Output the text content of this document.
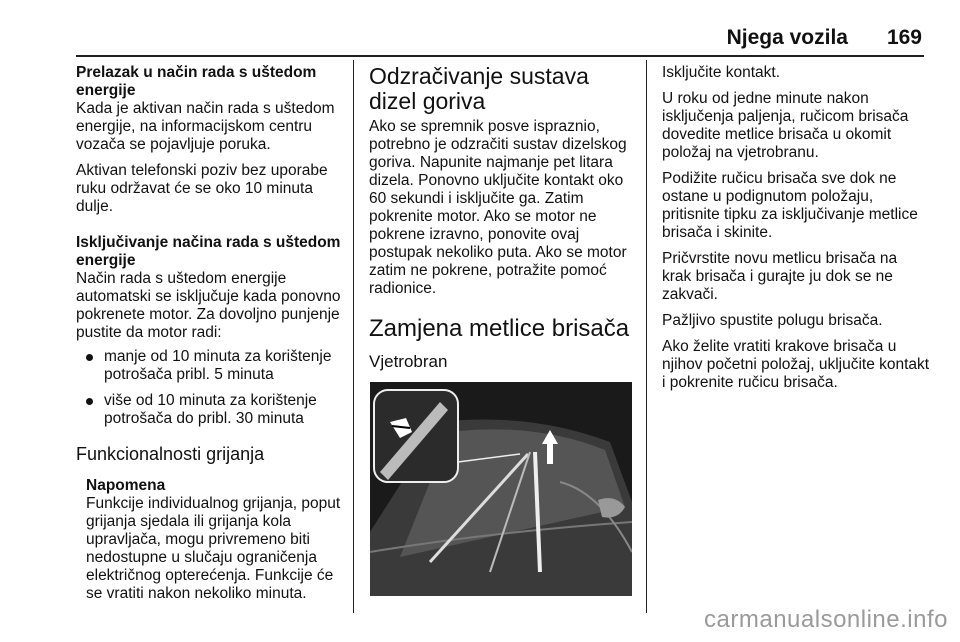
Njega vozila 169
Prelazak u način rada s uštedom energije

Kada je aktivan način rada s uštedom energije, na informacijskom centru vozača se pojavljuje poruka.

Aktivan telefonski poziv bez uporabe ruku održavat će se oko 10 minuta dulje.

Isključivanje načina rada s uštedom energije

Način rada s uštedom energije automatski se isključuje kada ponovno pokrenete motor. Za dovoljno punjenje pustite da motor radi:

manje od 10 minuta za korištenje potrošača pribl. 5 minuta
više od 10 minuta za korištenje potrošača do pribl. 30 minuta
Funkcionalnosti grijanja
Napomena
Funkcije individualnog grijanja, poput grijanja sjedala ili grijanja kola upravljača, mogu privremeno biti nedostupne u slučaju ograničenja električnog opterećenja. Funkcije će se vratiti nakon nekoliko minuta.
Odzračivanje sustava dizel goriva

Ako se spremnik posve ispraznio, potrebno je odzračiti sustav dizelskog goriva. Napunite najmanje pet litara dizela. Ponovno uključite kontakt oko 60 sekundi i isključite ga. Zatim pokrenite motor. Ako se motor ne pokrene izravno, ponovite ovaj postupak nekoliko puta. Ako se motor zatim ne pokrene, potražite pomoć radionice.

Zamjena metlice brisača
Vjetrobran

Isključite kontakt.

U roku od jedne minute nakon isključenja paljenja, ručicom brisača dovedite metlice brisača u okomit položaj na vjetrobranu.

Podižite ručicu brisača sve dok ne ostane u podignutom položaju, pritisnite tipku za isključivanje metlice brisača i skinite.

Pričvrstite novu metlicu brisača na krak brisača i gurajte ju dok se ne zakvači.

Pažljivo spustite polugu brisača.

Ako želite vratiti krakove brisača u njihov početni položaj, uključite kontakt i pokrenite ručicu brisača.

carmanualsonline.info
